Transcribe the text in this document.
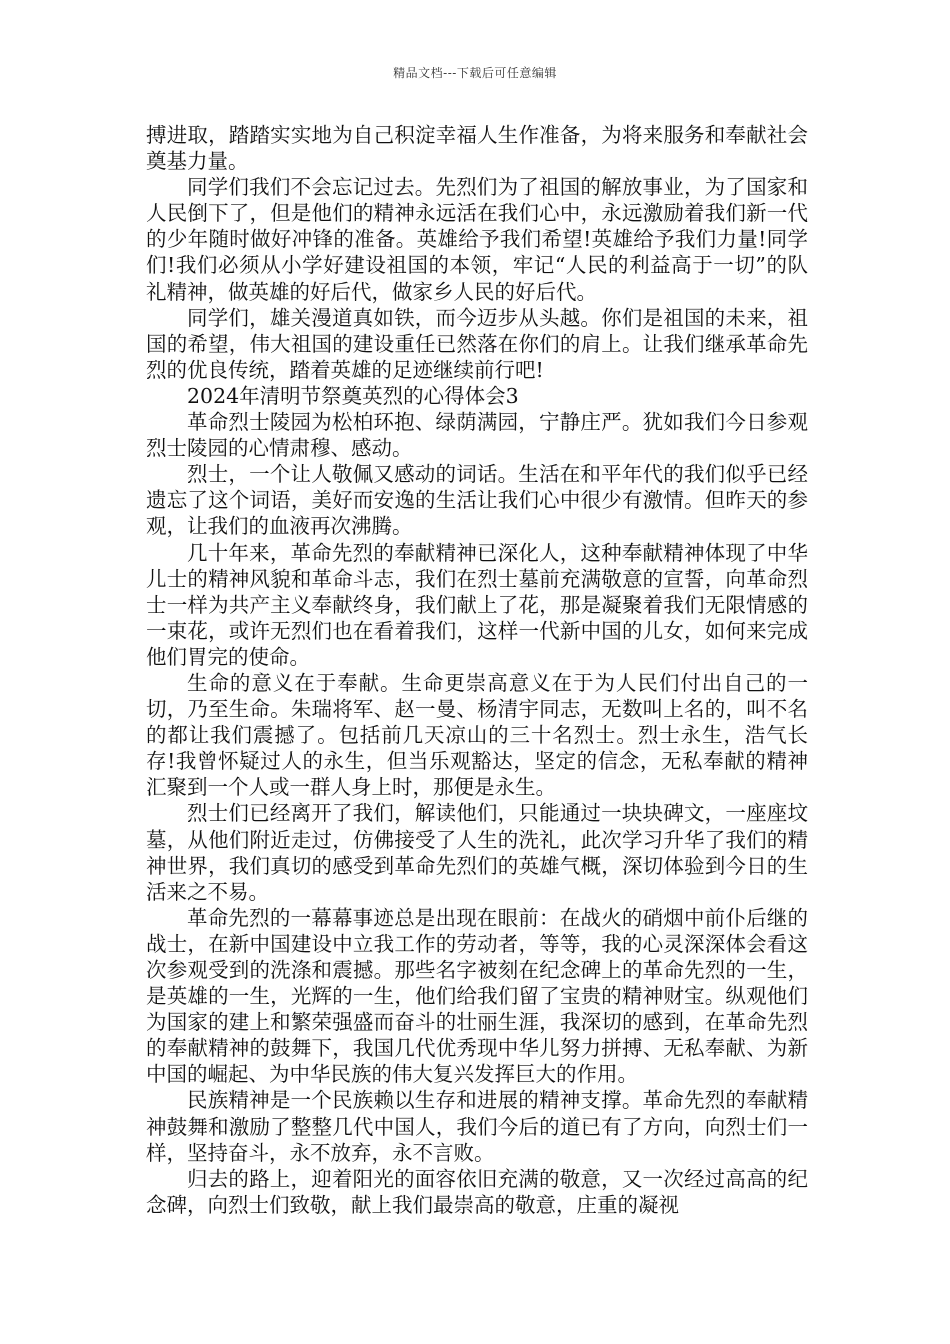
精品文档---下载后可任意编辑

搏进取，踏踏实实地为自己积淀幸福人生作准备，为将来服务和奉献社会奠基力量。

同学们我们不会忘记过去。先烈们为了祖国的解放事业，为了国家和人民倒下了，但是他们的精神永远活在我们心中，永远激励着我们新一代的少年随时做好冲锋的准备。英雄给予我们希望!英雄给予我们力量!同学们!我们必须从小学好建设祖国的本领，牢记“人民的利益高于一切”的队礼精神，做英雄的好后代，做家乡人民的好后代。

同学们，雄关漫道真如铁，而今迈步从头越。你们是祖国的未来，祖国的希望，伟大祖国的建设重任已然落在你们的肩上。让我们继承革命先烈的优良传统，踏着英雄的足迹继续前行吧!

2024年清明节祭奠英烈的心得体会3

革命烈士陵园为松柏环抱、绿荫满园，宁静庄严。犹如我们今日参观烈士陵园的心情肃穆、感动。

烈士，一个让人敬佩又感动的词话。生活在和平年代的我们似乎已经遗忘了这个词语，美好而安逸的生活让我们心中很少有激情。但昨天的参观，让我们的血液再次沸腾。

几十年来，革命先烈的奉献精神已深化人，这种奉献精神体现了中华儿士的精神风貌和革命斗志，我们在烈士墓前充满敬意的宣誓，向革命烈士一样为共产主义奉献终身，我们献上了花，那是凝聚着我们无限情感的一束花，或许无烈们也在看着我们，这样一代新中国的儿女，如何来完成他们胃完的使命。

生命的意义在于奉献。生命更崇高意义在于为人民们付出自己的一切，乃至生命。朱瑞将军、赵一曼、杨清宇同志，无数叫上名的，叫不名的都让我们震撼了。包括前几天凉山的三十名烈士。烈士永生，浩气长存!我曾怀疑过人的永生，但当乐观豁达，坚定的信念，无私奉献的精神汇聚到一个人或一群人身上时，那便是永生。

烈士们已经离开了我们，解读他们，只能通过一块块碑文，一座座坟墓，从他们附近走过，仿佛接受了人生的洗礼，此次学习升华了我们的精神世界，我们真切的感受到革命先烈们的英雄气概，深切体验到今日的生活来之不易。

革命先烈的一幕幕事迹总是出现在眼前：在战火的硝烟中前仆后继的战士，在新中国建设中立我工作的劳动者，等等，我的心灵深深体会看这次参观受到的洗涤和震撼。那些名字被刻在纪念碑上的革命先烈的一生，是英雄的一生，光辉的一生，他们给我们留了宝贵的精神财宝。纵观他们为国家的建上和繁荣强盛而奋斗的壮丽生涯，我深切的感到，在革命先烈的奉献精神的鼓舞下，我国几代优秀现中华儿努力拼搏、无私奉献、为新中国的崛起、为中华民族的伟大复兴发挥巨大的作用。

民族精神是一个民族赖以生存和进展的精神支撑。革命先烈的奉献精神鼓舞和激励了整整几代中国人，我们今后的道已有了方向，向烈士们一样，坚持奋斗，永不放弃，永不言败。

归去的路上，迎着阳光的面容依旧充满的敬意，又一次经过高高的纪念碑，向烈士们致敬，献上我们最崇高的敬意，庄重的凝视
